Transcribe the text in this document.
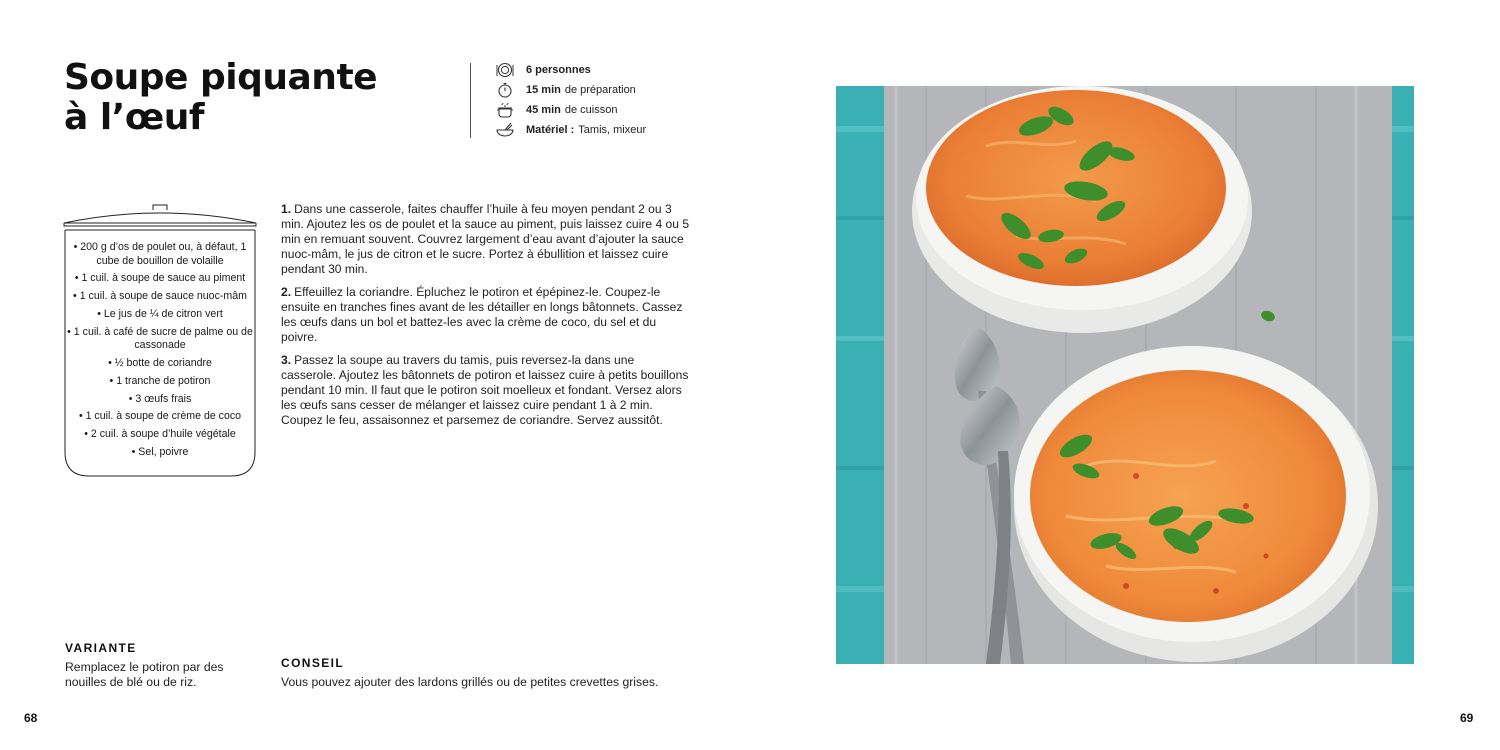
Soupe piquante
à l’œuf
6 personnes
15 min de préparation
45 min de cuisson
Matériel : Tamis, mixeur
• 200 g d’os de poulet ou, à défaut, 1 cube de bouillon de volaille
• 1 cuil. à soupe de sauce au piment
• 1 cuil. à soupe de sauce nuoc-mâm
• Le jus de ¼ de citron vert
• 1 cuil. à café de sucre de palme ou de cassonade
• ½ botte de coriandre
• 1 tranche de potiron
• 3 œufs frais
• 1 cuil. à soupe de crème de coco
• 2 cuil. à soupe d’huile végétale
• Sel, poivre

1. Dans une casserole, faites chauffer l’huile à feu moyen pendant 2 ou 3 min. Ajoutez les os de poulet et la sauce au piment, puis laissez cuire 4 ou 5 min en remuant souvent. Couvrez largement d’eau avant d’ajouter la sauce nuoc-mâm, le jus de citron et le sucre. Portez à ébullition et laissez cuire pendant 30 min.

2. Effeuillez la coriandre. Épluchez le potiron et épépinez-le. Coupez-le ensuite en tranches fines avant de les détailler en longs bâtonnets. Cassez les œufs dans un bol et battez-les avec la crème de coco, du sel et du poivre.

3. Passez la soupe au travers du tamis, puis reversez-la dans une casserole. Ajoutez les bâtonnets de potiron et laissez cuire à petits bouillons pendant 10 min. Il faut que le potiron soit moelleux et fondant. Versez alors les œufs sans cesser de mélanger et laissez cuire pendant 1 à 2 min. Coupez le feu, assaisonnez et parsemez de coriandre. Servez aussitôt.

VARIANTE
Remplacez le potiron par des nouilles de blé ou de riz.
CONSEIL
Vous pouvez ajouter des lardons grillés ou de petites crevettes grises.
68	69
